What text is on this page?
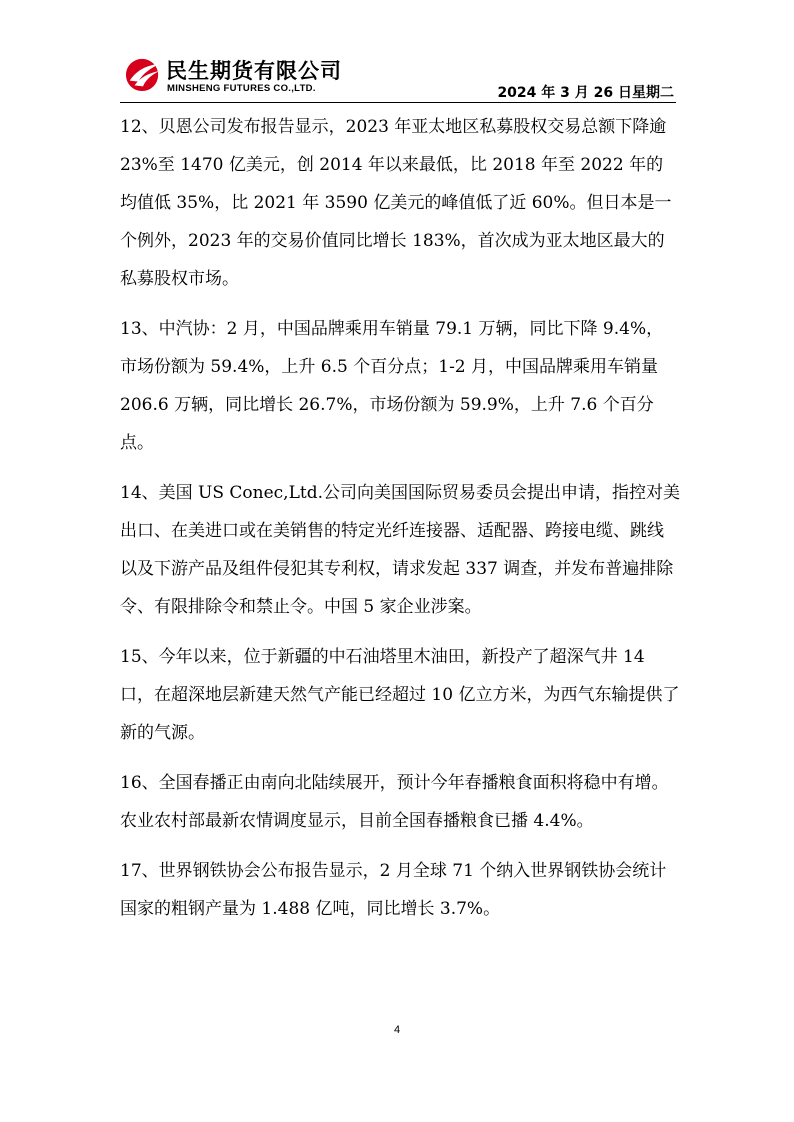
民生期货有限公司
MINSHENG FUTURES CO.,LTD.	2024 年 3 月 26 日星期二

12、贝恩公司发布报告显示，2023 年亚太地区私募股权交易总额下降逾 23%至 1470 亿美元，创 2014 年以来最低，比 2018 年至 2022 年的均值低 35%，比 2021 年 3590 亿美元的峰值低了近 60%。但日本是一个例外，2023 年的交易价值同比增长 183%，首次成为亚太地区最大的私募股权市场。

13、中汽协：2 月，中国品牌乘用车销量 79.1 万辆，同比下降 9.4%，市场份额为 59.4%，上升 6.5 个百分点；1-2 月，中国品牌乘用车销量 206.6 万辆，同比增长 26.7%，市场份额为 59.9%，上升 7.6 个百分点。

14、美国 US Conec,Ltd.公司向美国国际贸易委员会提出申请，指控对美出口、在美进口或在美销售的特定光纤连接器、适配器、跨接电缆、跳线以及下游产品及组件侵犯其专利权，请求发起 337 调查，并发布普遍排除令、有限排除令和禁止令。中国 5 家企业涉案。

15、今年以来，位于新疆的中石油塔里木油田，新投产了超深气井 14 口，在超深地层新建天然气产能已经超过 10 亿立方米，为西气东输提供了新的气源。

16、全国春播正由南向北陆续展开，预计今年春播粮食面积将稳中有增。农业农村部最新农情调度显示，目前全国春播粮食已播 4.4%。

17、世界钢铁协会公布报告显示，2 月全球 71 个纳入世界钢铁协会统计国家的粗钢产量为 1.488 亿吨，同比增长 3.7%。

4
